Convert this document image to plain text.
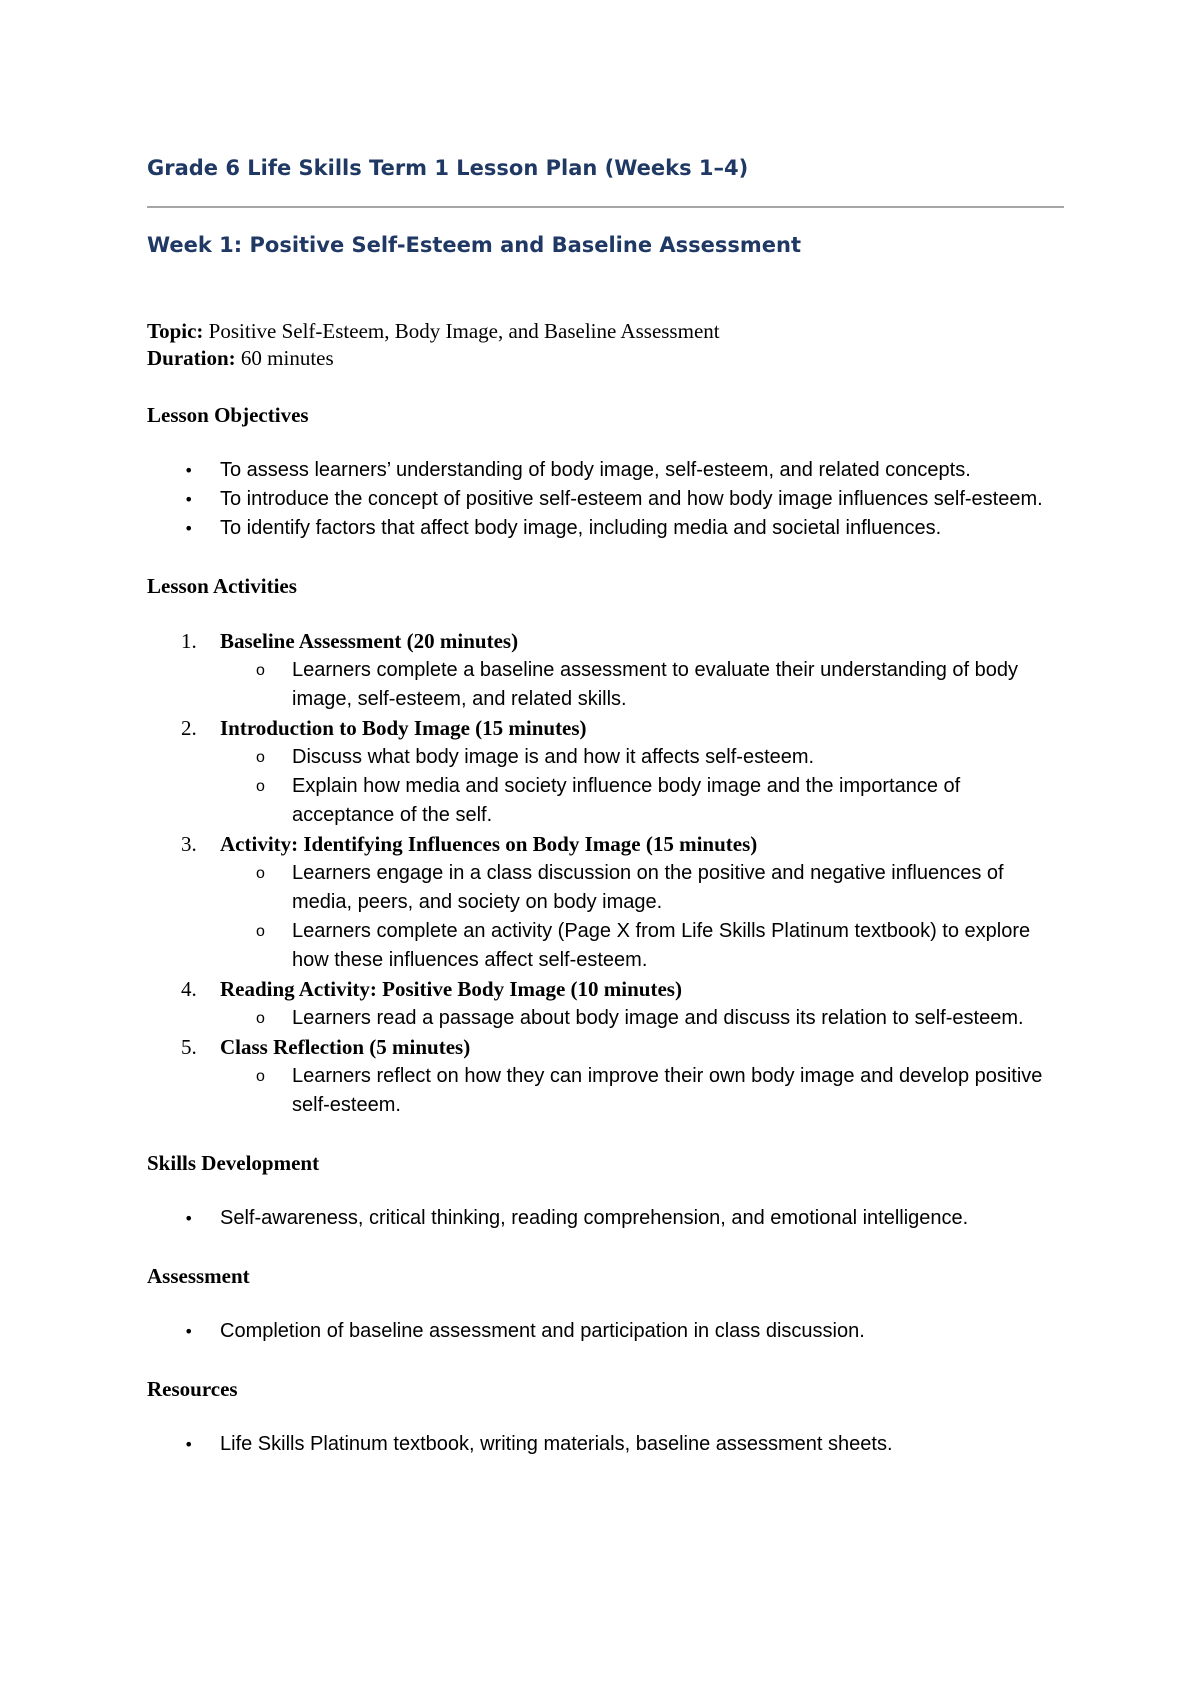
Grade 6 Life Skills Term 1 Lesson Plan (Weeks 1–4)
Week 1: Positive Self-Esteem and Baseline Assessment
Topic: Positive Self-Esteem, Body Image, and Baseline Assessment
Duration: 60 minutes
Lesson Objectives
• To assess learners’ understanding of body image, self-esteem, and related concepts.
• To introduce the concept of positive self-esteem and how body image influences self-esteem.
• To identify factors that affect body image, including media and societal influences.
Lesson Activities
1. Baseline Assessment (20 minutes)
o Learners complete a baseline assessment to evaluate their understanding of body image, self-esteem, and related skills.
2. Introduction to Body Image (15 minutes)
o Discuss what body image is and how it affects self-esteem.
o Explain how media and society influence body image and the importance of acceptance of the self.
3. Activity: Identifying Influences on Body Image (15 minutes)
o Learners engage in a class discussion on the positive and negative influences of media, peers, and society on body image.
o Learners complete an activity (Page X from Life Skills Platinum textbook) to explore how these influences affect self-esteem.
4. Reading Activity: Positive Body Image (10 minutes)
o Learners read a passage about body image and discuss its relation to self-esteem.
5. Class Reflection (5 minutes)
o Learners reflect on how they can improve their own body image and develop positive self-esteem.
Skills Development
• Self-awareness, critical thinking, reading comprehension, and emotional intelligence.
Assessment
• Completion of baseline assessment and participation in class discussion.
Resources
• Life Skills Platinum textbook, writing materials, baseline assessment sheets.
